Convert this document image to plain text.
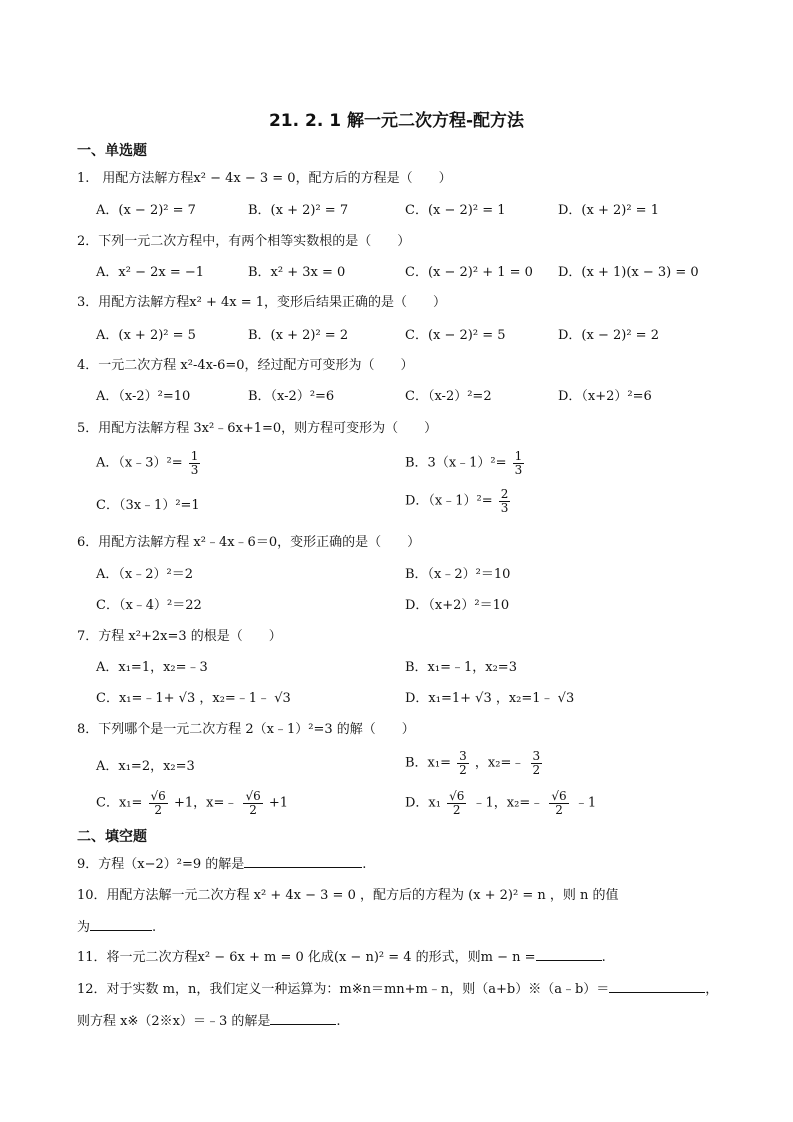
21. 2. 1 解一元二次方程-配方法
一、单选题
1.　用配方法解方程x² − 4x − 3 = 0，配方后的方程是（　　）
A．(x − 2)² = 7	B．(x + 2)² = 7	C．(x − 2)² = 1	D．(x + 2)² = 1
2．下列一元二次方程中，有两个相等实数根的是（　　）
A．x² − 2x = −1	B．x² + 3x = 0	C．(x − 2)² + 1 = 0 D．(x + 1)(x − 3) = 0
3．用配方法解方程x² + 4x = 1，变形后结果正确的是（　　）
A．(x + 2)² = 5	B．(x + 2)² = 2	C．(x − 2)² = 5	D．(x − 2)² = 2
4．一元二次方程 x²-4x-6=0，经过配方可变形为（　　）
A．（x-2）²=10	B．（x-2）²=6	C．（x-2）²=2	D．（x+2）²=6
5．用配方法解方程 3x²﹣6x+1=0，则方程可变形为（　　）
A．（x﹣3）²= $\frac{1}{3}$	B．3（x﹣1）²= $\frac{1}{3}$
C．（3x﹣1）²=1	D．（x﹣1）²= $\frac{2}{3}$
6．用配方法解方程 x²﹣4x﹣6＝0，变形正确的是（　　）
A．（x﹣2）²＝2	B．（x﹣2）²＝10
C．（x﹣4）²＝22	D．（x+2）²＝10
7．方程 x²+2x=3 的根是（　　）
A．x₁=1，x₂=﹣3	B．x₁=﹣1，x₂=3
C．x₁=﹣1+ √3 ，x₂=﹣1﹣ √3	D．x₁=1+ √3 ，x₂=1﹣ √3
8．下列哪个是一元二次方程 2（x﹣1）²=3 的解（　　）
A．x₁=2，x₂=3	B．$x_1= \frac{3}{2}$ ，x₂=﹣ $\frac{3}{2}$
C．$x_1= \frac{√6}{2} +1$，x=﹣ $\frac{√6}{2} +1$	D．$x_1 \frac{√6}{2}$ ﹣1，x₂=﹣ $\frac{√6}{2}$ ﹣1
二、填空题
9．方程（x−2）²=9 的解是	.
10．用配方法解一元二次方程 x² + 4x − 3 = 0 ，配方后的方程为 (x + 2)² = n ，则 n 的值
为	.
11．将一元二次方程x² − 6x + m = 0 化成(x − n)² = 4 的形式，则m − n =	.
12．对于实数 m，n，我们定义一种运算为：m※n＝mn+m﹣n，则（a+b）※（a﹣b）＝	，
则方程 x※（2※x）＝﹣3 的解是	.
